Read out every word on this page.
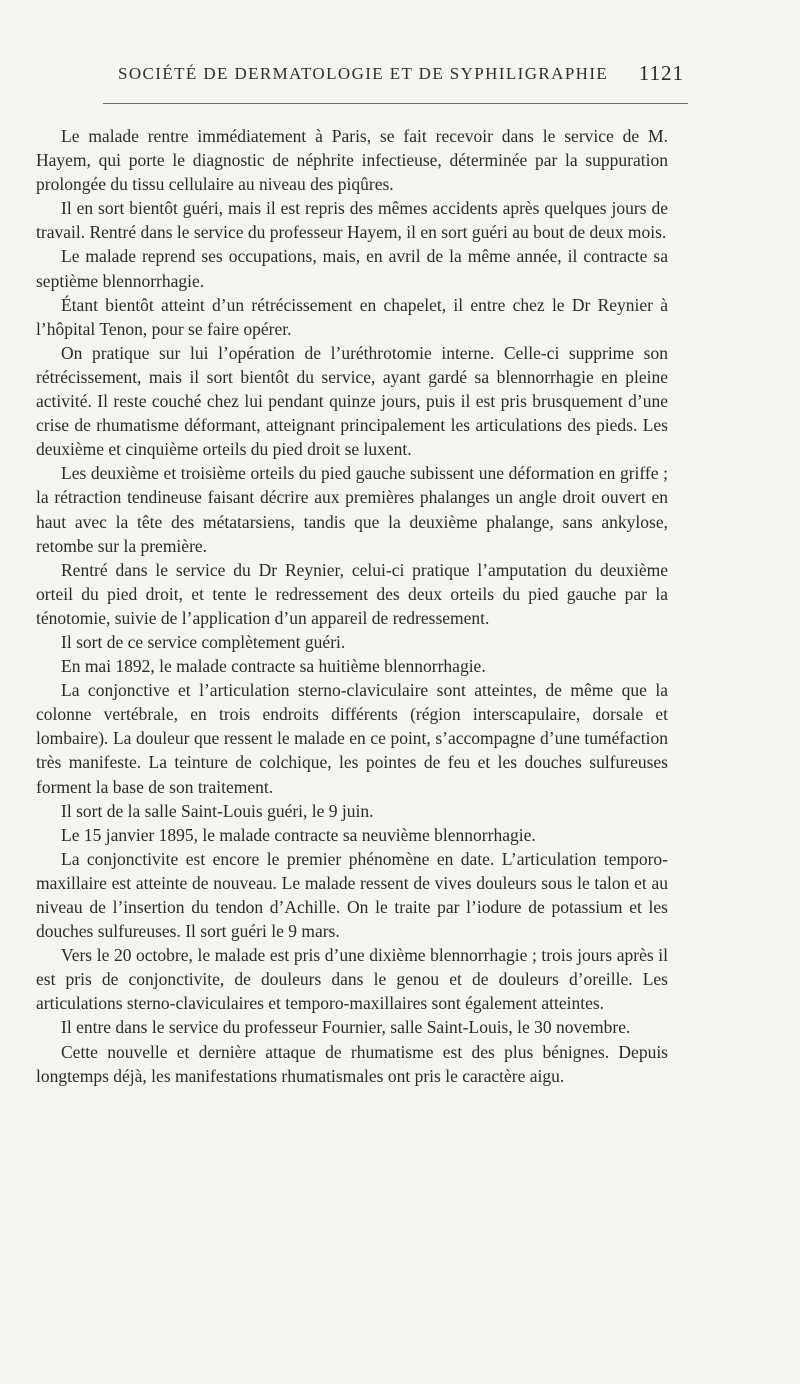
SOCIÉTÉ DE DERMATOLOGIE ET DE SYPHILIGRAPHIE 1121

Le malade rentre immédiatement à Paris, se fait recevoir dans le service de M. Hayem, qui porte le diagnostic de néphrite infectieuse, déterminée par la suppuration prolongée du tissu cellulaire au niveau des piqûres.

Il en sort bientôt guéri, mais il est repris des mêmes accidents après quelques jours de travail. Rentré dans le service du professeur Hayem, il en sort guéri au bout de deux mois.

Le malade reprend ses occupations, mais, en avril de la même année, il contracte sa septième blennorrhagie.

Étant bientôt atteint d’un rétrécissement en chapelet, il entre chez le Dr Reynier à l’hôpital Tenon, pour se faire opérer.

On pratique sur lui l’opération de l’uréthrotomie interne. Celle-ci supprime son rétrécissement, mais il sort bientôt du service, ayant gardé sa blennorrhagie en pleine activité. Il reste couché chez lui pendant quinze jours, puis il est pris brusquement d’une crise de rhumatisme déformant, atteignant principalement les articulations des pieds. Les deuxième et cinquième orteils du pied droit se luxent.

Les deuxième et troisième orteils du pied gauche subissent une déformation en griffe ; la rétraction tendineuse faisant décrire aux premières phalanges un angle droit ouvert en haut avec la tête des métatarsiens, tandis que la deuxième phalange, sans ankylose, retombe sur la première.

Rentré dans le service du Dr Reynier, celui-ci pratique l’amputation du deuxième orteil du pied droit, et tente le redressement des deux orteils du pied gauche par la ténotomie, suivie de l’application d’un appareil de redressement.

Il sort de ce service complètement guéri.

En mai 1892, le malade contracte sa huitième blennorrhagie.

La conjonctive et l’articulation sterno-claviculaire sont atteintes, de même que la colonne vertébrale, en trois endroits différents (région interscapulaire, dorsale et lombaire). La douleur que ressent le malade en ce point, s’accompagne d’une tuméfaction très manifeste. La teinture de colchique, les pointes de feu et les douches sulfureuses forment la base de son traitement.

Il sort de la salle Saint-Louis guéri, le 9 juin.

Le 15 janvier 1895, le malade contracte sa neuvième blennorrhagie.

La conjonctivite est encore le premier phénomène en date. L’articulation temporo-maxillaire est atteinte de nouveau. Le malade ressent de vives douleurs sous le talon et au niveau de l’insertion du tendon d’Achille. On le traite par l’iodure de potassium et les douches sulfureuses. Il sort guéri le 9 mars.

Vers le 20 octobre, le malade est pris d’une dixième blennorrhagie ; trois jours après il est pris de conjonctivite, de douleurs dans le genou et de douleurs d’oreille. Les articulations sterno-claviculaires et temporo-maxillaires sont également atteintes.

Il entre dans le service du professeur Fournier, salle Saint-Louis, le 30 novembre.

Cette nouvelle et dernière attaque de rhumatisme est des plus bénignes. Depuis longtemps déjà, les manifestations rhumatismales ont pris le caractère aigu.
